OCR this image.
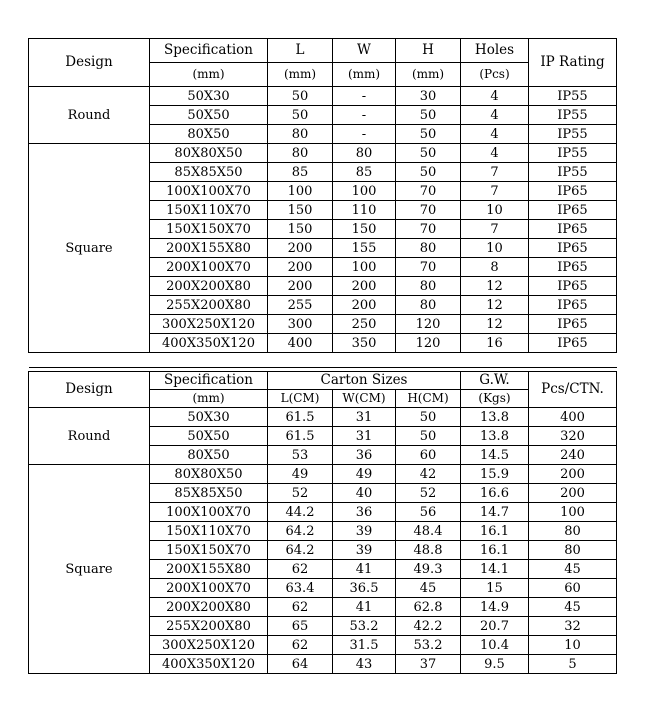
Design	Specification	L	W	H	Holes	IP Rating
	(mm)	(mm)	(mm)	(mm)	(Pcs)	
Round	50X30	50	-	30	4	IP55
	50X50	50	-	50	4	IP55
	80X50	80	-	50	4	IP55
Square	80X80X50	80	80	50	4	IP55
	85X85X50	85	85	50	7	IP55
	100X100X70	100	100	70	7	IP65
	150X110X70	150	110	70	10	IP65
	150X150X70	150	150	70	7	IP65
	200X155X80	200	155	80	10	IP65
	200X100X70	200	100	70	8	IP65
	200X200X80	200	200	80	12	IP65
	255X200X80	255	200	80	12	IP65
	300X250X120	300	250	120	12	IP65
	400X350X120	400	350	120	16	IP65

Design	Specification	Carton Sizes			G.W.	Pcs/CTN.
	(mm)	L(CM)	W(CM)	H(CM)	(Kgs)	
Round	50X30	61.5	31	50	13.8	400
	50X50	61.5	31	50	13.8	320
	80X50	53	36	60	14.5	240
Square	80X80X50	49	49	42	15.9	200
	85X85X50	52	40	52	16.6	200
	100X100X70	44.2	36	56	14.7	100
	150X110X70	64.2	39	48.4	16.1	80
	150X150X70	64.2	39	48.8	16.1	80
	200X155X80	62	41	49.3	14.1	45
	200X100X70	63.4	36.5	45	15	60
	200X200X80	62	41	62.8	14.9	45
	255X200X80	65	53.2	42.2	20.7	32
	300X250X120	62	31.5	53.2	10.4	10
	400X350X120	64	43	37	9.5	5
